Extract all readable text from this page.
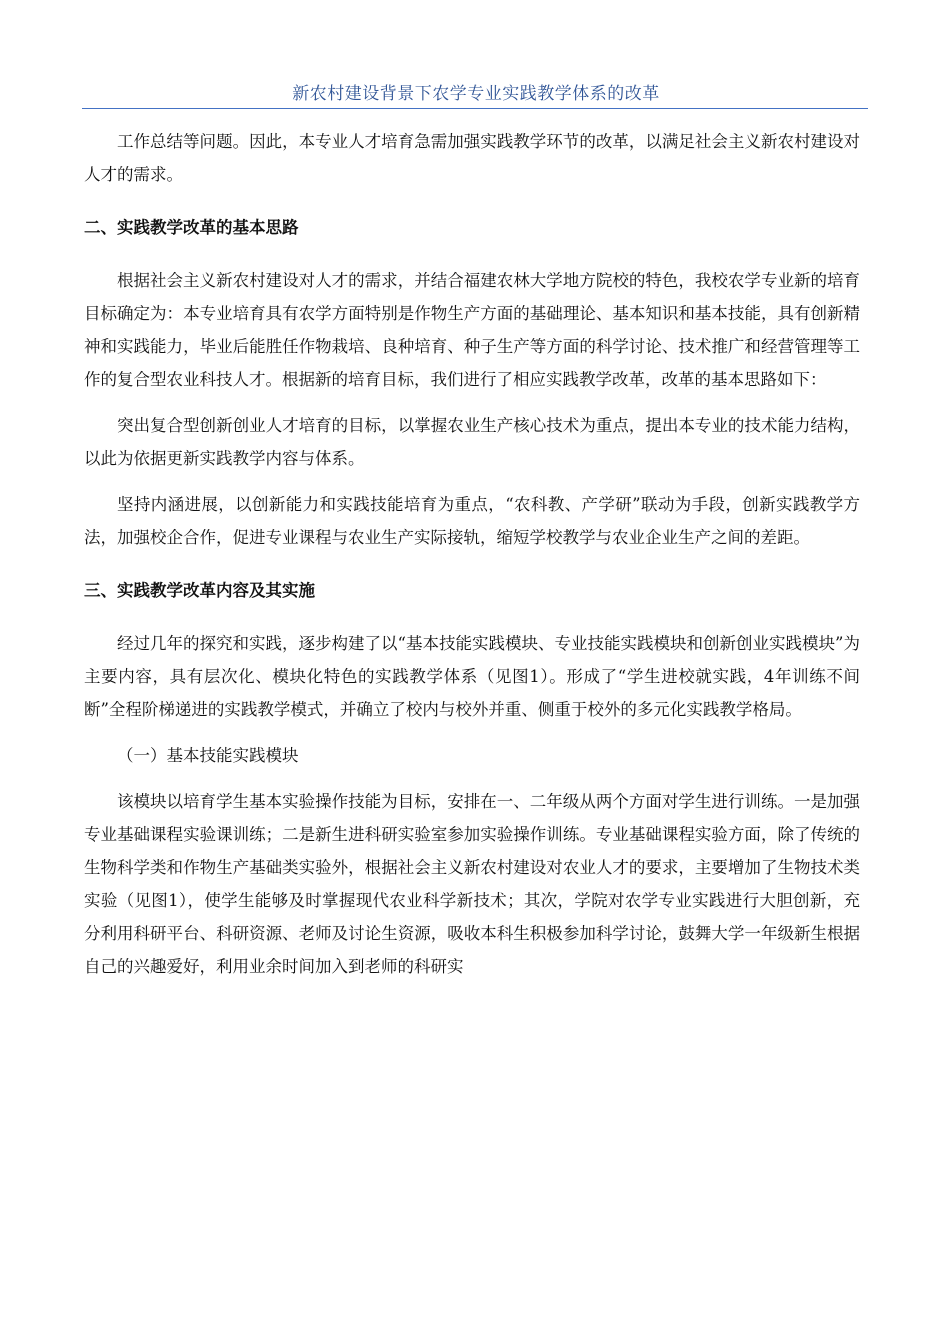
新农村建设背景下农学专业实践教学体系的改革

工作总结等问题。因此，本专业人才培育急需加强实践教学环节的改革，以满足社会主义新农村建设对人才的需求。

二、实践教学改革的基本思路

根据社会主义新农村建设对人才的需求，并结合福建农林大学地方院校的特色，我校农学专业新的培育目标确定为：本专业培育具有农学方面特别是作物生产方面的基础理论、基本知识和基本技能，具有创新精神和实践能力，毕业后能胜任作物栽培、良种培育、种子生产等方面的科学讨论、技术推广和经营管理等工作的复合型农业科技人才。根据新的培育目标，我们进行了相应实践教学改革，改革的基本思路如下：

突出复合型创新创业人才培育的目标，以掌握农业生产核心技术为重点，提出本专业的技术能力结构，以此为依据更新实践教学内容与体系。

坚持内涵进展，以创新能力和实践技能培育为重点，“农科教、产学研”联动为手段，创新实践教学方法，加强校企合作，促进专业课程与农业生产实际接轨，缩短学校教学与农业企业生产之间的差距。

三、实践教学改革内容及其实施

经过几年的探究和实践，逐步构建了以“基本技能实践模块、专业技能实践模块和创新创业实践模块”为主要内容，具有层次化、模块化特色的实践教学体系（见图1）。形成了“学生进校就实践，4年训练不间断”全程阶梯递进的实践教学模式，并确立了校内与校外并重、侧重于校外的多元化实践教学格局。

（一）基本技能实践模块

该模块以培育学生基本实验操作技能为目标，安排在一、二年级从两个方面对学生进行训练。一是加强专业基础课程实验课训练；二是新生进科研实验室参加实验操作训练。专业基础课程实验方面，除了传统的生物科学类和作物生产基础类实验外，根据社会主义新农村建设对农业人才的要求，主要增加了生物技术类实验（见图1），使学生能够及时掌握现代农业科学新技术；其次，学院对农学专业实践进行大胆创新，充分利用科研平台、科研资源、老师及讨论生资源，吸收本科生积极参加科学讨论，鼓舞大学一年级新生根据自己的兴趣爱好，利用业余时间加入到老师的科研实
